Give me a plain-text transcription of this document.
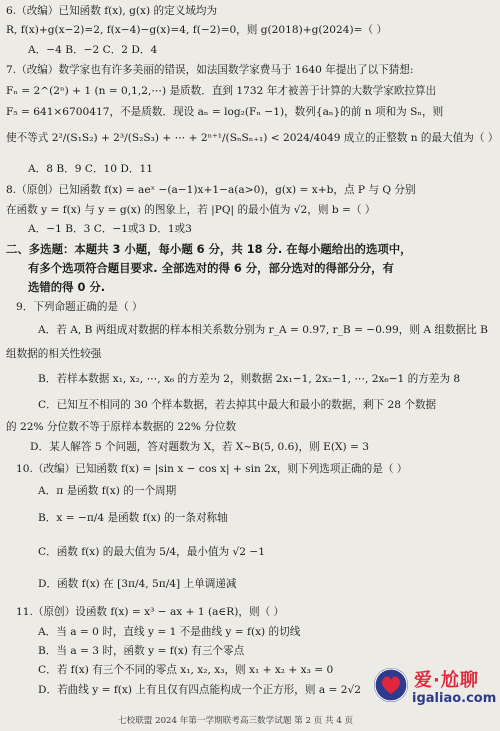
6.（改编）已知函数 f(x), g(x) 的定义域均为
R, f(x)+g(x−2)=2, f(x−4)−g(x)=4, f(−2)=0，则 g(2018)+g(2024)=（ ）
A．−4 B．−2 C．2 D．4
7.（改编）数学家也有许多美丽的错误，如法国数学家费马于 1640 年提出了以下猜想:
Fₙ = 2^(2ⁿ) + 1 (n = 0,1,2,⋯) 是质数．直到 1732 年才被善于计算的大数学家欧拉算出
F₅ = 641×6700417，不是质数．现设 aₙ = log₂(Fₙ −1)，数列{aₙ}的前 n 项和为 Sₙ，则
使不等式 2²/(S₁S₂) + 2³/(S₂S₃) + ⋯ + 2ⁿ⁺¹/(SₙSₙ₊₁) < 2024/4049 成立的正整数 n 的最大值为（ ）
A．8 B．9 C．10 D．11
8.（原创）已知函数 f(x) = aeˣ −(a−1)x+1−a(a>0)，g(x) = x+b，点 P 与 Q 分别
在函数 y = f(x) 与 y = g(x) 的图象上，若 |PQ| 的最小值为 √2，则 b =（ ）
A．−1 B．3 C．−1或3 D．1或3
二、多选题：本题共 3 小题，每小题 6 分，共 18 分. 在每小题给出的选项中，
有多个选项符合题目要求. 全部选对的得 6 分，部分选对的得部分分，有
选错的得 0 分.
9．下列命题正确的是（ ）
A．若 A, B 两组成对数据的样本相关系数分别为 r_A = 0.97, r_B = −0.99，则 A 组数据比 B
组数据的相关性较强
B．若样本数据 x₁, x₂, ⋯, x₆ 的方差为 2，则数据 2x₁−1, 2x₂−1, ⋯, 2x₆−1 的方差为 8
C．已知互不相同的 30 个样本数据，若去掉其中最大和最小的数据，剩下 28 个数据
的 22% 分位数不等于原样本数据的 22% 分位数
D．某人解答 5 个问题，答对题数为 X，若 X~B(5, 0.6)，则 E(X) = 3
10.（改编）已知函数 f(x) = |sin x − cos x| + sin 2x，则下列选项正确的是（ ）
A．π 是函数 f(x) 的一个周期
B．x = −π/4 是函数 f(x) 的一条对称轴
C．函数 f(x) 的最大值为 5/4，最小值为 √2 −1
D．函数 f(x) 在 [3π/4, 5π/4] 上单调递减
11.（原创）设函数 f(x) = x³ − ax + 1 (a∈R)，则（ ）
A．当 a = 0 时，直线 y = 1 不是曲线 y = f(x) 的切线
B．当 a = 3 时，函数 y = f(x) 有三个零点
C．若 f(x) 有三个不同的零点 x₁, x₂, x₃，则 x₁ + x₂ + x₃ = 0
D．若曲线 y = f(x) 上有且仅有四点能构成一个正方形，则 a = 2√2
七校联盟 2024 年第一学期联考高三数学试题 第 2 页 共 4 页
爱·尬聊
igaliao.com
